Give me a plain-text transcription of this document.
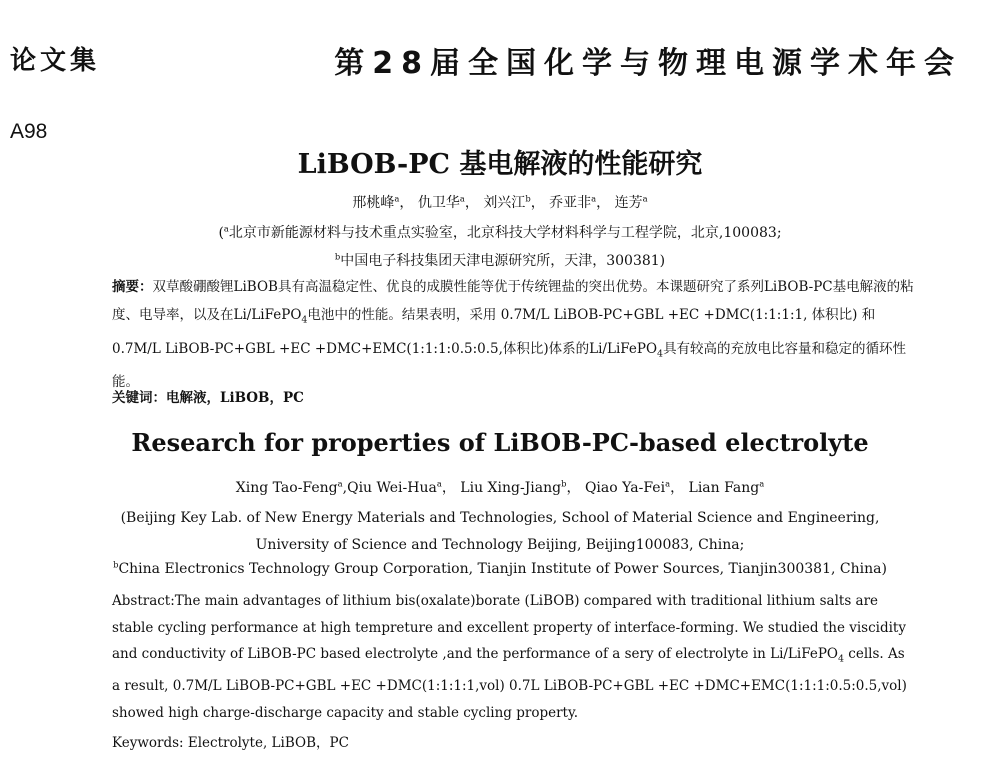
论文集	第28届全国化学与物理电源学术年会
A98
LiBOB-PC 基电解液的性能研究
邢桃峰$^a$， 仇卫华$^a$， 刘兴江$^b$， 乔亚非$^a$， 连芳$^a$
($^a$北京市新能源材料与技术重点实验室，北京科技大学材料科学与工程学院，北京,100083;
$^b$中国电子科技集团天津电源研究所，天津，300381)

摘要：双草酸硼酸锂LiBOB具有高温稳定性、优良的成膜性能等优于传统锂盐的突出优势。本课题研究了系列LiBOB-PC基电解液的粘度、电导率，以及在Li/LiFePO$_4$电池中的性能。结果表明，采用 0.7M/L LiBOB-PC+GBL +EC +DMC(1:1:1:1, 体积比) 和 0.7M/L LiBOB-PC+GBL +EC +DMC+EMC(1:1:1:0.5:0.5,体积比)体系的Li/LiFePO$_4$具有较高的充放电比容量和稳定的循环性能。

关键词：电解液，LiBOB，PC
Research for properties of LiBOB-PC-based electrolyte
Xing Tao-Feng$^a$,Qiu Wei-Hua$^a$， Liu Xing-Jiang$^b$， Qiao Ya-Fei$^a$， Lian Fang$^a$
(Beijing Key Lab. of New Energy Materials and Technologies, School of Material Science and Engineering, University of Science and Technology Beijing, Beijing100083, China;
$^b$China Electronics Technology Group Corporation, Tianjin Institute of Power Sources, Tianjin300381, China)

Abstract:The main advantages of lithium bis(oxalate)borate (LiBOB) compared with traditional lithium salts are stable cycling performance at high tempreture and excellent property of interface-forming. We studied the viscidity and conductivity of LiBOB-PC based electrolyte ,and the performance of a sery of electrolyte in Li/LiFePO$_4$ cells. As a result, 0.7M/L LiBOB-PC+GBL +EC +DMC(1:1:1:1,vol) 0.7L LiBOB-PC+GBL +EC +DMC+EMC(1:1:1:0.5:0.5,vol) showed high charge-discharge capacity and stable cycling property.

Keywords: Electrolyte, LiBOB，PC
